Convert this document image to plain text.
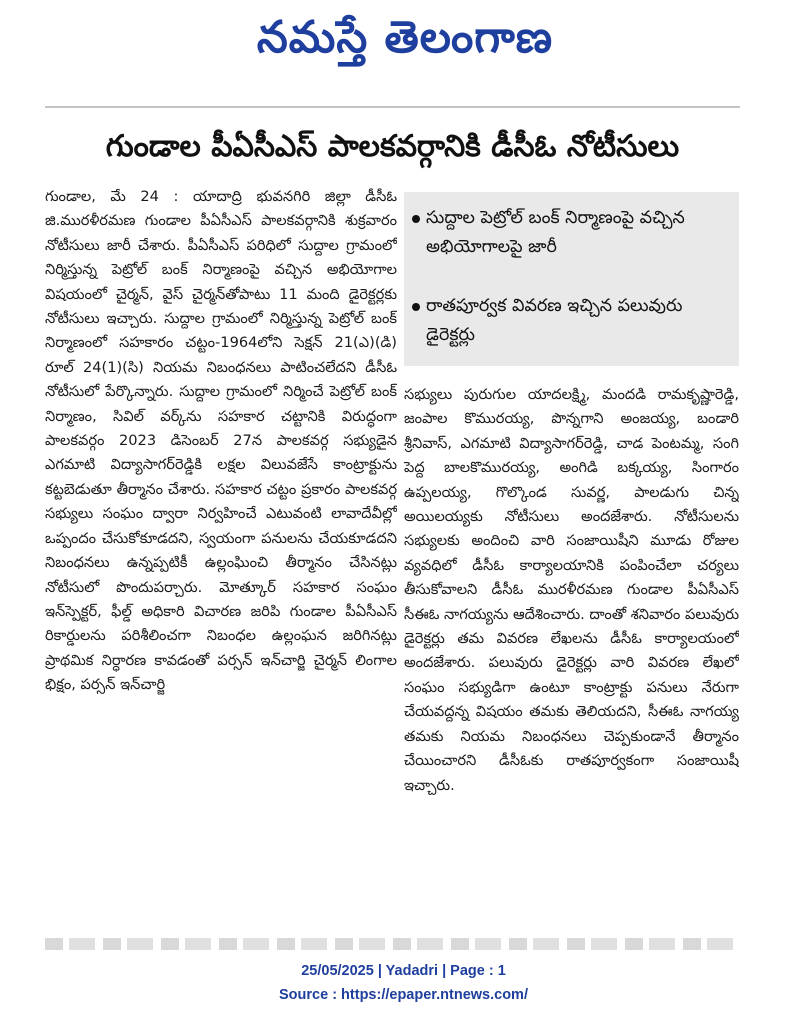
నమస్తే తెలంగాణ
గుండాల పీఏసీఎస్ పాలకవర్గానికి డీసీఓ నోటీసులు

గుండాల, మే 24 : యాదాద్రి భువనగిరి జిల్లా డీసీఓ జి.మురళీరమణ గుండాల పీఏసీఎస్ పాలకవర్గానికి శుక్రవారం నోటీసులు జారీ చేశారు. పీఏసీఎస్ పరిధిలో సుద్దాల గ్రామంలో నిర్మిస్తున్న పెట్రోల్ బంక్ నిర్మాణంపై వచ్చిన అభియోగాల విషయంలో చైర్మన్, వైస్ చైర్మన్‌తోపాటు 11 మంది డైరెక్టర్లకు నోటీసులు ఇచ్చారు. సుద్దాల గ్రామంలో నిర్మిస్తున్న పెట్రోల్ బంక్ నిర్మాణంలో సహకారం చట్టం-1964లోని సెక్షన్ 21(ఎ)(డి) రూల్ 24(1)(సి) నియమ నిబంధనలు పాటించలేదని డీసీఓ నోటీసులో పేర్కొన్నారు. సుద్దాల గ్రామంలో నిర్మించే పెట్రోల్ బంక్ నిర్మాణం, సివిల్ వర్క్‌ను సహకార చట్టానికి విరుద్ధంగా పాలకవర్గం 2023 డిసెంబర్ 27న పాలకవర్గ సభ్యుడైన ఎగమాటి విద్యాసాగర్‌రెడ్డికి లక్షల విలువజేసే కాంట్రాక్టును కట్టబెడుతూ తీర్మానం చేశారు. సహకార చట్టం ప్రకారం పాలకవర్గ సభ్యులు సంఘం ద్వారా నిర్వహించే ఎటువంటి లావాదేవీల్లో ఒప్పందం చేసుకోకూడదని, స్వయంగా పనులను చేయకూడదని నిబంధనలు ఉన్నప్పటికీ ఉల్లంఘించి తీర్మానం చేసినట్లు నోటీసులో పొందుపర్చారు. మోత్కూర్ సహకార సంఘం ఇన్‌స్పెక్టర్, ఫీల్డ్ అధికారి విచారణ జరిపి గుండాల పీఏసీఎస్ రికార్డులను పరిశీలించగా నిబంధల ఉల్లంఘన జరిగినట్లు ప్రాథమిక నిర్ధారణ కావడంతో పర్సన్ ఇన్‌చార్జి చైర్మన్ లింగాల భిక్షం, పర్సన్ ఇన్‌చార్జి

సుద్దాల పెట్రోల్ బంక్ నిర్మాణంపై వచ్చిన అభియోగాలపై జారీ
రాతపూర్వక వివరణ ఇచ్చిన పలువురు డైరెక్టర్లు

సభ్యులు పురుగుల యాదలక్ష్మి, మందడి రామకృష్ణారెడ్డి, జంపాల కొమురయ్య, పొన్నగాని అంజయ్య, బండారి శ్రీనివాస్, ఎగమాటి విద్యాసాగర్‌రెడ్డి, చాడ పెంటమ్మ, సంగి పెద్ద బాలకొమురయ్య, అంగిడి బక్కయ్య, సింగారం ఉప్పలయ్య, గొల్కొండ సువర్ణ, పాలడుగు చిన్న అయిలయ్యకు నోటీసులు అందజేశారు. నోటీసులను సభ్యులకు అందించి వారి సంజాయిషీని మూడు రోజుల వ్యవధిలో డీసీఓ కార్యాలయానికి పంపించేలా చర్యలు తీసుకోవాలని డీసీఓ మురళీరమణ గుండాల పీఏసీఎస్ సీఈఓ నాగయ్యను ఆదేశించారు. దాంతో శనివారం పలువురు డైరెక్టర్లు తమ వివరణ లేఖలను డీసీఓ కార్యాలయంలో అందజేశారు. పలువురు డైరెక్టర్లు వారి వివరణ లేఖలో సంఘం సభ్యుడిగా ఉంటూ కాంట్రాక్టు పనులు నేరుగా చేయవద్దన్న విషయం తమకు తెలియదని, సీఈఓ నాగయ్య తమకు నియమ నిబంధనలు చెప్పకుండానే తీర్మానం చేయించారని డీసీఓకు రాతపూర్వకంగా సంజాయిషీ ఇచ్చారు.

25/05/2025 | Yadadri | Page : 1
Source : https://epaper.ntnews.com/
